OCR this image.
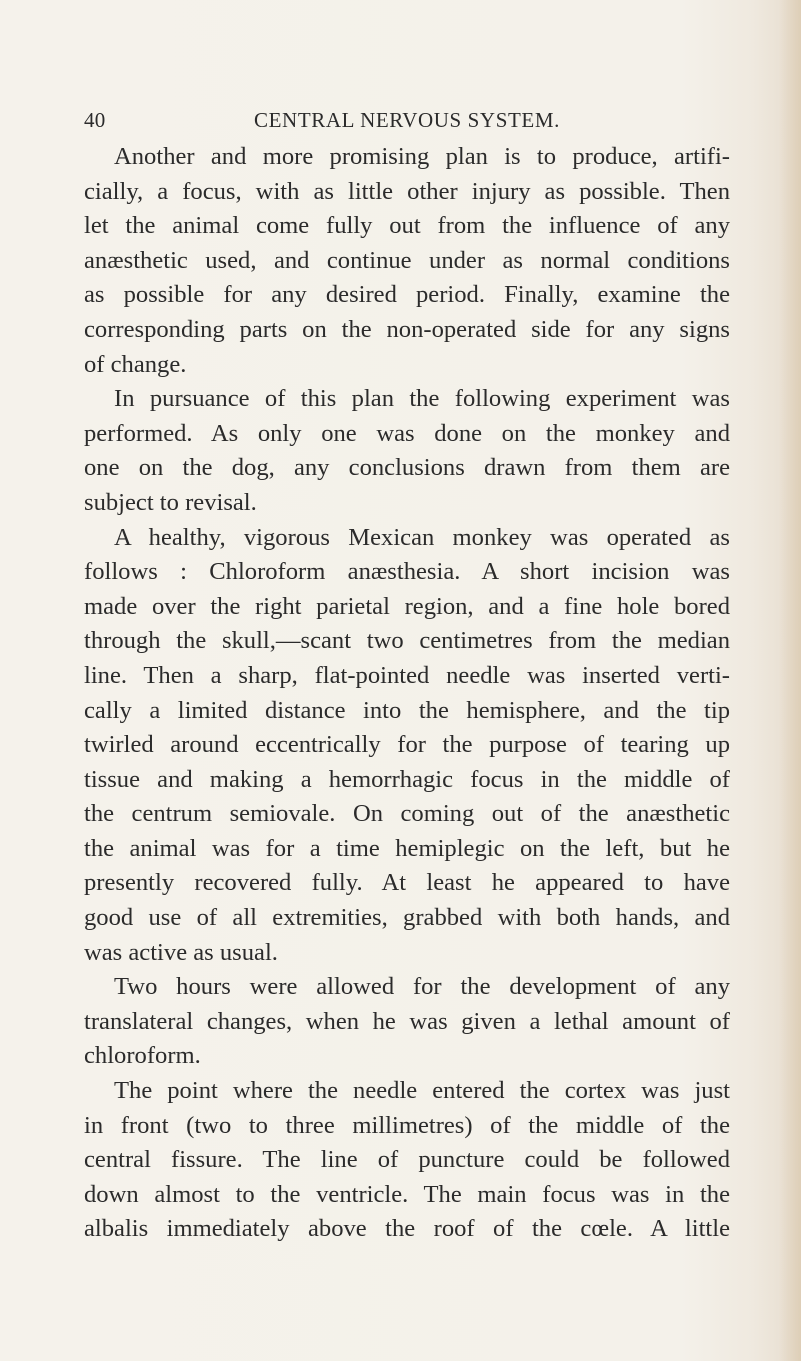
40	CENTRAL NERVOUS SYSTEM.
Another and more promising plan is to produce, artifi-
cially, a focus, with as little other injury as possible. Then
let the animal come fully out from the influence of any
anæsthetic used, and continue under as normal conditions
as possible for any desired period. Finally, examine the
corresponding parts on the non-operated side for any signs
of change.
In pursuance of this plan the following experiment was
performed. As only one was done on the monkey and
one on the dog, any conclusions drawn from them are
subject to revisal.
A healthy, vigorous Mexican monkey was operated as
follows : Chloroform anæsthesia. A short incision was
made over the right parietal region, and a fine hole bored
through the skull,—scant two centimetres from the median
line. Then a sharp, flat-pointed needle was inserted verti-
cally a limited distance into the hemisphere, and the tip
twirled around eccentrically for the purpose of tearing up
tissue and making a hemorrhagic focus in the middle of
the centrum semiovale. On coming out of the anæsthetic
the animal was for a time hemiplegic on the left, but he
presently recovered fully. At least he appeared to have
good use of all extremities, grabbed with both hands, and
was active as usual.
Two hours were allowed for the development of any
translateral changes, when he was given a lethal amount of
chloroform.
The point where the needle entered the cortex was just
in front (two to three millimetres) of the middle of the
central fissure. The line of puncture could be followed
down almost to the ventricle. The main focus was in the
albalis immediately above the roof of the cœle. A little
